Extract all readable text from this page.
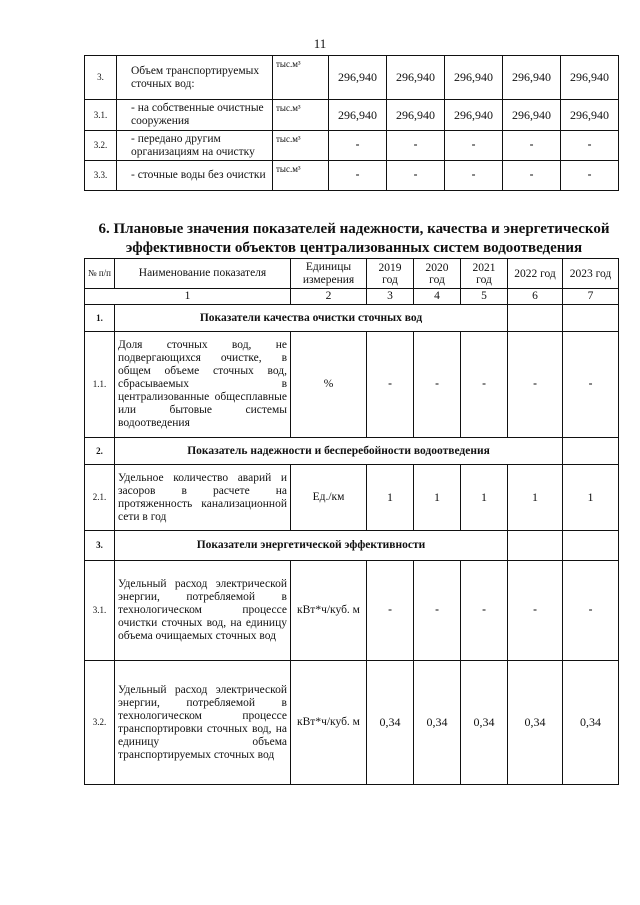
11
3.	Объем транспортируемых сточных вод:	тыс.м³	296,940	296,940	296,940	296,940	296,940
3.1.	- на собственные очистные сооружения	тыс.м³	296,940	296,940	296,940	296,940	296,940
3.2.	- передано другим организациям на очистку	тыс.м³	-	-	-	-	-
3.3.	- сточные воды без очистки	тыс.м³	-	-	-	-	-
6. Плановые значения показателей надежности, качества и энергетической эффективности объектов централизованных систем водоотведения
№ п/п	Наименование показателя	Единицы измерения	2019 год	2020 год	2021 год	2022 год	2023 год
1		2	3	4	5	6	7
1.	Показатели качества очистки сточных вод						
1.1.	Доля сточных вод, не подвергающихся очистке, в общем объеме сточных вод, сбрасываемых в централизованные общесплавные или бытовые системы водоотведения	%	-	-	-	-	-
2.	Показатель надежности и бесперебойности водоотведения						
2.1.	Удельное количество аварий и засоров в расчете на протяженность канализационной сети в год	Ед./км	1	1	1	1	1
3.	Показатели энергетической эффективности						
3.1.	Удельный расход электрической энергии, потребляемой в технологическом процессе очистки сточных вод, на единицу объема очищаемых сточных вод	кВт*ч/куб. м	-	-	-	-	-
3.2.	Удельный расход электрической энергии, потребляемой в технологическом процессе транспортировки сточных вод, на единицу объема транспортируемых сточных вод	кВт*ч/куб. м	0,34	0,34	0,34	0,34	0,34
